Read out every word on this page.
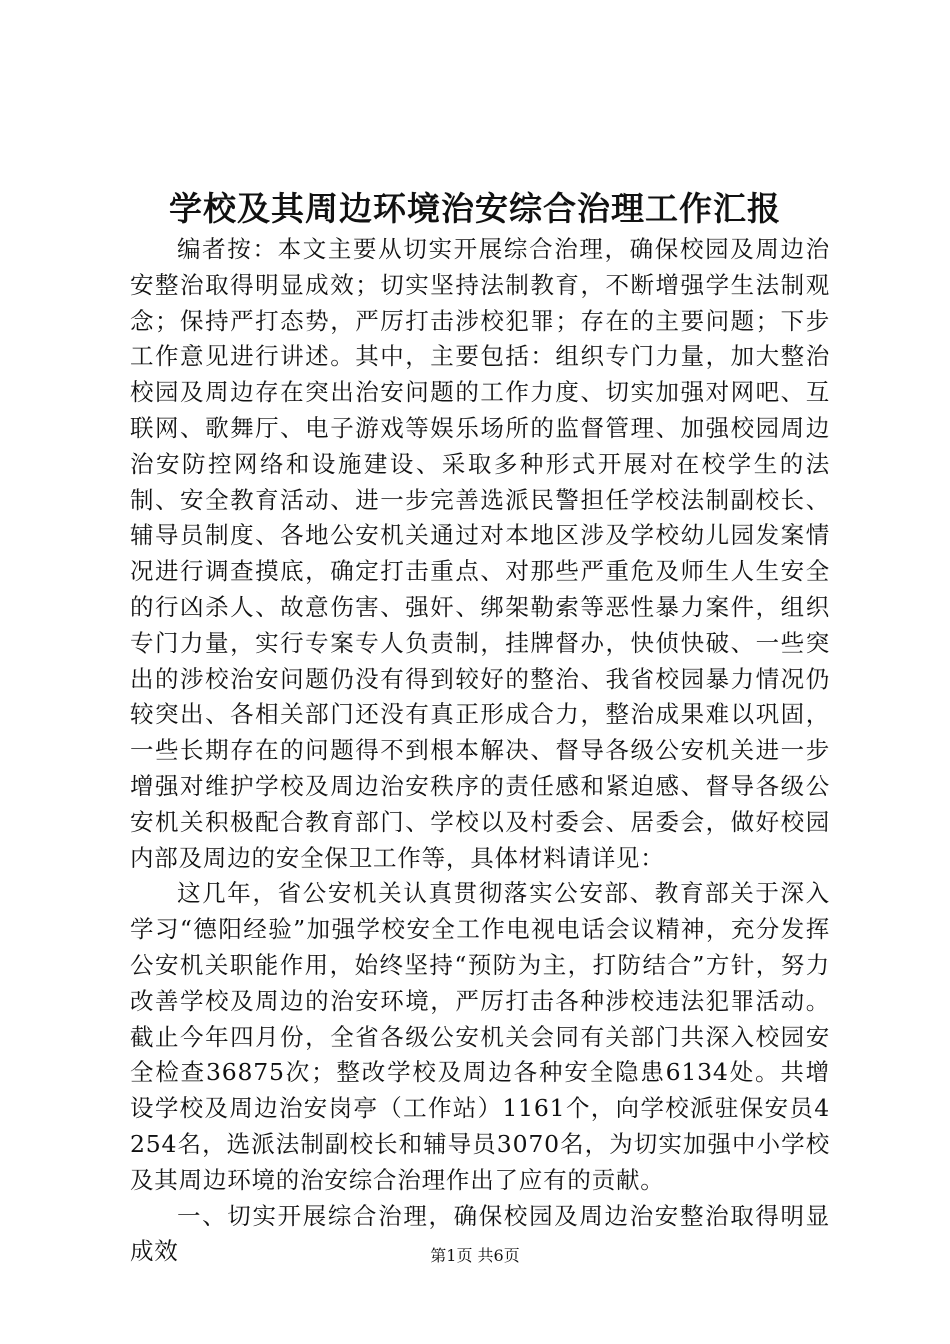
学校及其周边环境治安综合治理工作汇报

编者按：本文主要从切实开展综合治理，确保校园及周边治安整治取得明显成效；切实坚持法制教育，不断增强学生法制观念；保持严打态势，严厉打击涉校犯罪；存在的主要问题；下步工作意见进行讲述。其中，主要包括：组织专门力量，加大整治校园及周边存在突出治安问题的工作力度、切实加强对网吧、互联网、歌舞厅、电子游戏等娱乐场所的监督管理、加强校园周边治安防控网络和设施建设、采取多种形式开展对在校学生的法制、安全教育活动、进一步完善选派民警担任学校法制副校长、辅导员制度、各地公安机关通过对本地区涉及学校幼儿园发案情况进行调查摸底，确定打击重点、对那些严重危及师生人生安全的行凶杀人、故意伤害、强奸、绑架勒索等恶性暴力案件，组织专门力量，实行专案专人负责制，挂牌督办，快侦快破、一些突出的涉校治安问题仍没有得到较好的整治、我省校园暴力情况仍较突出、各相关部门还没有真正形成合力，整治成果难以巩固，一些长期存在的问题得不到根本解决、督导各级公安机关进一步增强对维护学校及周边治安秩序的责任感和紧迫感、督导各级公安机关积极配合教育部门、学校以及村委会、居委会，做好校园内部及周边的安全保卫工作等，具体材料请详见：

这几年，省公安机关认真贯彻落实公安部、教育部关于深入学习“德阳经验”加强学校安全工作电视电话会议精神，充分发挥公安机关职能作用，始终坚持“预防为主，打防结合”方针，努力改善学校及周边的治安环境，严厉打击各种涉校违法犯罪活动。截止今年四月份，全省各级公安机关会同有关部门共深入校园安全检查36875次；整改学校及周边各种安全隐患6134处。共增设学校及周边治安岗亭（工作站）1161个，向学校派驻保安员4254名，选派法制副校长和辅导员3070名，为切实加强中小学校及其周边环境的治安综合治理作出了应有的贡献。

一、切实开展综合治理，确保校园及周边治安整治取得明显成效	第1页 共6页
